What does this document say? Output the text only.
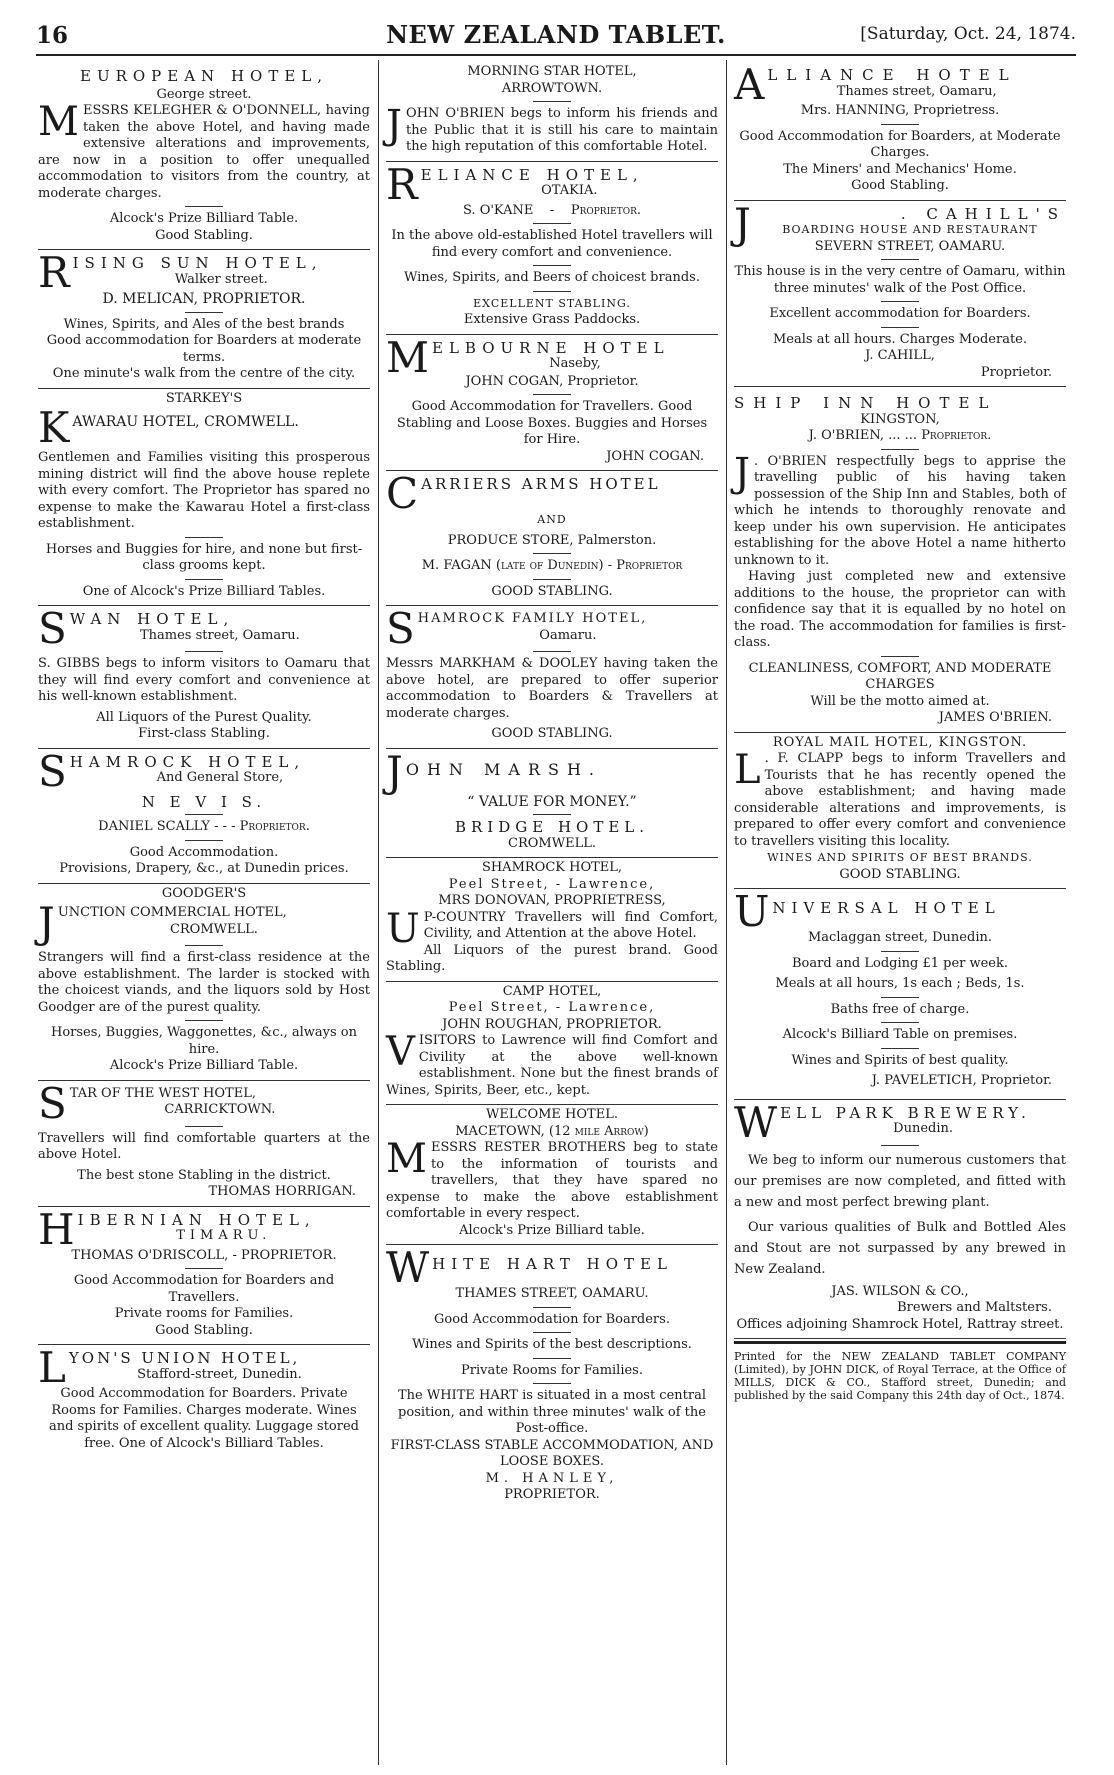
16	NEW ZEALAND TABLET.	[Saturday, Oct. 24, 1874.
EUROPEAN HOTEL,
George street.
MESSRS KELEGHER & O'DONNELL, having taken the above Hotel, and having made extensive alterations and improvements, are now in a position to offer unequalled accommodation to visitors from the country, at moderate charges.
Alcock's Prize Billiard Table.
Good Stabling.
R ISING SUN HOTEL,
Walker street.
D. MELICAN, PROPRIETOR.
Wines, Spirits, and Ales of the best brands
Good accommodation for Boarders at moderate terms.
One minute's walk from the centre of the city.
STARKEY'S
K AWARAU HOTEL, CROMWELL.

Gentlemen and Families visiting this prosperous mining district will find the above house replete with every comfort. The Proprietor has spared no expense to make the Kawarau Hotel a first-class establishment.

Horses and Buggies for hire, and none but first-class grooms kept.
One of Alcock's Prize Billiard Tables.
S WAN HOTEL,
Thames street, Oamaru.

S. GIBBS begs to inform visitors to Oamaru that they will find every comfort and convenience at his well-known establishment.

All Liquors of the Purest Quality.
First-class Stabling.
S HAMROCK HOTEL,
And General Store,
N E V I S.
DANIEL SCALLY - - - Proprietor.
Good Accommodation.
Provisions, Drapery, &c., at Dunedin prices.
GOODGER'S
J UNCTION COMMERCIAL HOTEL,
CROMWELL.

Strangers will find a first-class residence at the above establishment. The larder is stocked with the choicest viands, and the liquors sold by Host Goodger are of the purest quality.

Horses, Buggies, Waggonettes, &c., always on hire.
Alcock's Prize Billiard Table.
S TAR OF THE WEST HOTEL,
CARRICKTOWN.

Travellers will find comfortable quarters at the above Hotel.

The best stone Stabling in the district.
THOMAS HORRIGAN.
H IBERNIAN HOTEL,
TIMARU.
THOMAS O'DRISCOLL, - PROPRIETOR.
Good Accommodation for Boarders and Travellers.
Private rooms for Families.
Good Stabling.
L YON'S UNION HOTEL,
Stafford-street, Dunedin.
Good Accommodation for Boarders. Private Rooms for Families. Charges moderate. Wines and spirits of excellent quality. Luggage stored free. One of Alcock's Billiard Tables.
MORNING STAR HOTEL,
ARROWTOWN.
JOHN O'BRIEN begs to inform his friends and the Public that it is still his care to maintain the high reputation of this comfortable Hotel.
R ELIANCE HOTEL,
OTAKIA.
S. O'KANE - Proprietor.

In the above old-established Hotel travellers will find every comfort and convenience.

Wines, Spirits, and Beers of choicest brands.
EXCELLENT STABLING.
Extensive Grass Paddocks.
M ELBOURNE HOTEL
Naseby,
JOHN COGAN, Proprietor.
Good Accommodation for Travellers. Good Stabling and Loose Boxes. Buggies and Horses for Hire.
JOHN COGAN.
C ARRIERS ARMS HOTEL
AND
PRODUCE STORE, Palmerston.
M. FAGAN (late of Dunedin) - Proprietor
GOOD STABLING.
S HAMROCK FAMILY HOTEL,
Oamaru.

Messrs MARKHAM & DOOLEY having taken the above hotel, are prepared to offer superior accommodation to Boarders & Travellers at moderate charges.

GOOD STABLING.
J OHN MARSH.
“ VALUE FOR MONEY.”
BRIDGE HOTEL.
CROMWELL.
SHAMROCK HOTEL,
Peel Street, - Lawrence,
MRS DONOVAN, PROPRIETRESS,
U P-COUNTRY Travellers will find Comfort, Civility, and Attention at the above Hotel.
All Liquors of the purest brand. Good Stabling.
CAMP HOTEL,
Peel Street, - Lawrence,
JOHN ROUGHAN, PROPRIETOR.
VISITORS to Lawrence will find Comfort and Civility at the above well-known establishment. None but the finest brands of Wines, Spirits, Beer, etc., kept.
WELCOME HOTEL.
MACETOWN, (12 mile Arrow)
MESSRS RESTER BROTHERS beg to state to the information of tourists and travellers, that they have spared no expense to make the above establishment comfortable in every respect.
Alcock's Prize Billiard table.
W HITE HART HOTEL
THAMES STREET, OAMARU.
Good Accommodation for Boarders.
Wines and Spirits of the best descriptions.
Private Rooms for Families.
The WHITE HART is situated in a most central position, and within three minutes' walk of the Post-office.
FIRST-CLASS STABLE ACCOMMODATION, AND LOOSE BOXES.
M. HANLEY,
PROPRIETOR.
A LLIANCE HOTEL
Thames street, Oamaru,
Mrs. HANNING, Proprietress.
Good Accommodation for Boarders, at Moderate Charges.
The Miners' and Mechanics' Home.
Good Stabling.
J	. CAHILL'S
BOARDING HOUSE AND RESTAURANT
SEVERN STREET, OAMARU.
This house is in the very centre of Oamaru, within three minutes' walk of the Post Office.
Excellent accommodation for Boarders.
Meals at all hours. Charges Moderate.
J. CAHILL,
Proprietor.
SHIP INN HOTEL
KINGSTON,
J. O'BRIEN, ... ... Proprietor.
J . O'BRIEN respectfully begs to apprise the travelling public of his having taken possession of the Ship Inn and Stables, both of which he intends to thoroughly renovate and keep under his own supervision. He anticipates establishing for the above Hotel a name hitherto unknown to it.
Having just completed new and extensive additions to the house, the proprietor can with confidence say that it is equalled by no hotel on the road. The accommodation for families is first-class.
CLEANLINESS, COMFORT, AND MODERATE CHARGES
Will be the motto aimed at.
JAMES O'BRIEN.
ROYAL MAIL HOTEL, KINGSTON.
L . F. CLAPP begs to inform Travellers and Tourists that he has recently opened the above establishment; and having made considerable alterations and improvements, is prepared to offer every comfort and convenience to travellers visiting this locality.
WINES AND SPIRITS OF BEST BRANDS.
GOOD STABLING.
U NIVERSAL HOTEL
Maclaggan street, Dunedin.

Board and Lodging £1 per week.

Meals at all hours, 1s each ; Beds, 1s.

Baths free of charge.

Alcock's Billiard Table on premises.

Wines and Spirits of best quality.

J. PAVELETICH, Proprietor.

W ELL PARK BREWERY.
Dunedin.

We beg to inform our numerous customers that our premises are now completed, and fitted with a new and most perfect brewing plant.

Our various qualities of Bulk and Bottled Ales and Stout are not surpassed by any brewed in New Zealand.

JAS. WILSON & CO.,
Brewers and Maltsters.
Offices adjoining Shamrock Hotel, Rattray street.
Printed for the NEW ZEALAND TABLET COMPANY (Limited), by JOHN DICK, of Royal Terrace, at the Office of MILLS, DICK & CO., Stafford street, Dunedin; and published by the said Company this 24th day of Oct., 1874.
